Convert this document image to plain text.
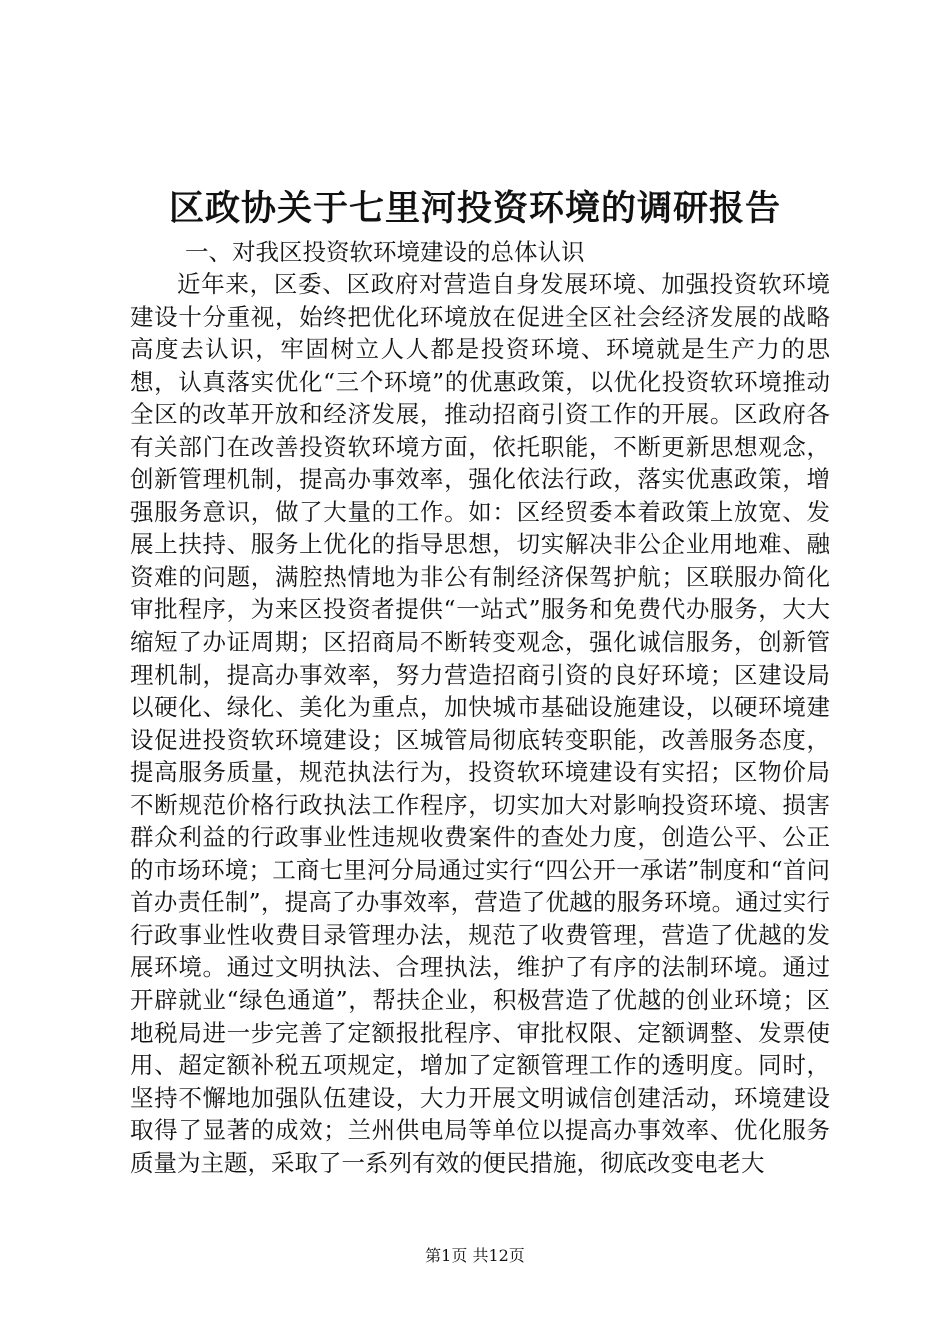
区政协关于七里河投资环境的调研报告

一、对我区投资软环境建设的总体认识

近年来，区委、区政府对营造自身发展环境、加强投资软环境建设十分重视，始终把优化环境放在促进全区社会经济发展的战略高度去认识，牢固树立人人都是投资环境、环境就是生产力的思想，认真落实优化“三个环境”的优惠政策，以优化投资软环境推动全区的改革开放和经济发展，推动招商引资工作的开展。区政府各有关部门在改善投资软环境方面，依托职能，不断更新思想观念，创新管理机制，提高办事效率，强化依法行政，落实优惠政策，增强服务意识，做了大量的工作。如：区经贸委本着政策上放宽、发展上扶持、服务上优化的指导思想，切实解决非公企业用地难、融资难的问题，满腔热情地为非公有制经济保驾护航；区联服办简化审批程序，为来区投资者提供“一站式”服务和免费代办服务，大大缩短了办证周期；区招商局不断转变观念，强化诚信服务，创新管理机制，提高办事效率，努力营造招商引资的良好环境；区建设局以硬化、绿化、美化为重点，加快城市基础设施建设，以硬环境建设促进投资软环境建设；区城管局彻底转变职能，改善服务态度，提高服务质量，规范执法行为，投资软环境建设有实招；区物价局不断规范价格行政执法工作程序，切实加大对影响投资环境、损害群众利益的行政事业性违规收费案件的查处力度，创造公平、公正的市场环境；工商七里河分局通过实行“四公开一承诺”制度和“首问首办责任制”，提高了办事效率，营造了优越的服务环境。通过实行行政事业性收费目录管理办法，规范了收费管理，营造了优越的发展环境。通过文明执法、合理执法，维护了有序的法制环境。通过开辟就业“绿色通道”，帮扶企业，积极营造了优越的创业环境；区地税局进一步完善了定额报批程序、审批权限、定额调整、发票使用、超定额补税五项规定，增加了定额管理工作的透明度。同时，坚持不懈地加强队伍建设，大力开展文明诚信创建活动，环境建设取得了显著的成效；兰州供电局等单位以提高办事效率、优化服务质量为主题，采取了一系列有效的便民措施，彻底改变电老大

第1页 共12页
